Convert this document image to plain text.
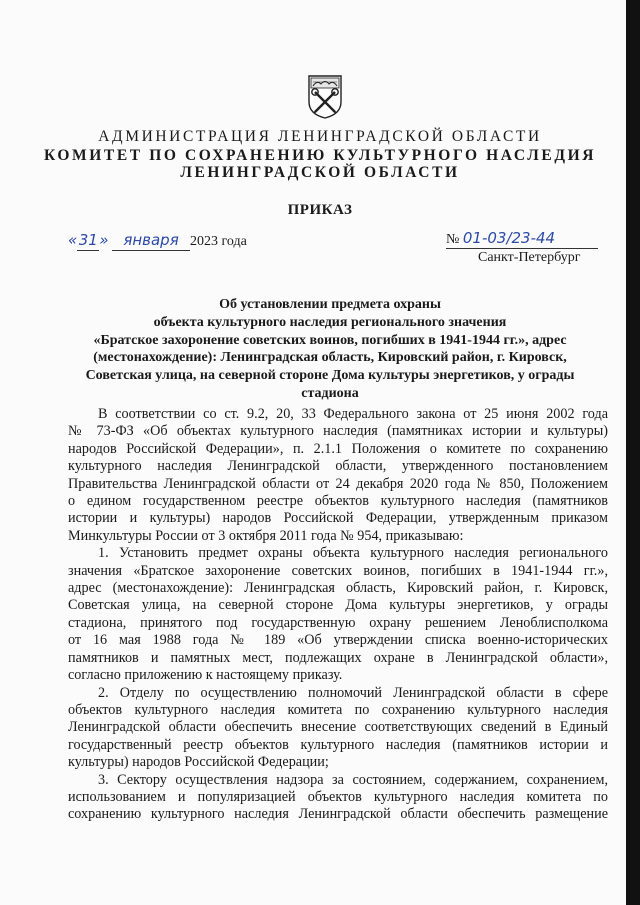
АДМИНИСТРАЦИЯ ЛЕНИНГРАДСКОЙ ОБЛАСТИ
КОМИТЕТ ПО СОХРАНЕНИЮ КУЛЬТУРНОГО НАСЛЕДИЯ
ЛЕНИНГРАДСКОЙ ОБЛАСТИ
ПРИКАЗ
«31» января 2023 года	№ 01-03/23-44
Санкт-Петербург
Об установлении предмета охраны
объекта культурного наследия регионального значения
«Братское захоронение советских воинов, погибших в 1941-1944 гг.», адрес
(местонахождение): Ленинградская область, Кировский район, г. Кировск,
Советская улица, на северной стороне Дома культуры энергетиков, у ограды
стадиона
В соответствии со ст. 9.2, 20, 33 Федерального закона от 25 июня 2002 года
№ 73-ФЗ «Об объектах культурного наследия (памятниках истории и культуры)
народов Российской Федерации», п. 2.1.1 Положения о комитете по сохранению
культурного наследия Ленинградской области, утвержденного постановлением
Правительства Ленинградской области от 24 декабря 2020 года № 850, Положением
о едином государственном реестре объектов культурного наследия (памятников
истории и культуры) народов Российской Федерации, утвержденным приказом
Минкультуры России от 3 октября 2011 года № 954, приказываю:
1. Установить предмет охраны объекта культурного наследия регионального
значения «Братское захоронение советских воинов, погибших в 1941-1944 гг.»,
адрес (местонахождение): Ленинградская область, Кировский район, г. Кировск,
Советская улица, на северной стороне Дома культуры энергетиков, у ограды
стадиона, принятого под государственную охрану решением Леноблисполкома
от 16 мая 1988 года № 189 «Об утверждении списка военно-исторических
памятников и памятных мест, подлежащих охране в Ленинградской области»,
согласно приложению к настоящему приказу.
2. Отделу по осуществлению полномочий Ленинградской области в сфере
объектов культурного наследия комитета по сохранению культурного наследия
Ленинградской области обеспечить внесение соответствующих сведений в Единый
государственный реестр объектов культурного наследия (памятников истории и
культуры) народов Российской Федерации;
3. Сектору осуществления надзора за состоянием, содержанием, сохранением,
использованием и популяризацией объектов культурного наследия комитета по
сохранению культурного наследия Ленинградской области обеспечить размещение
